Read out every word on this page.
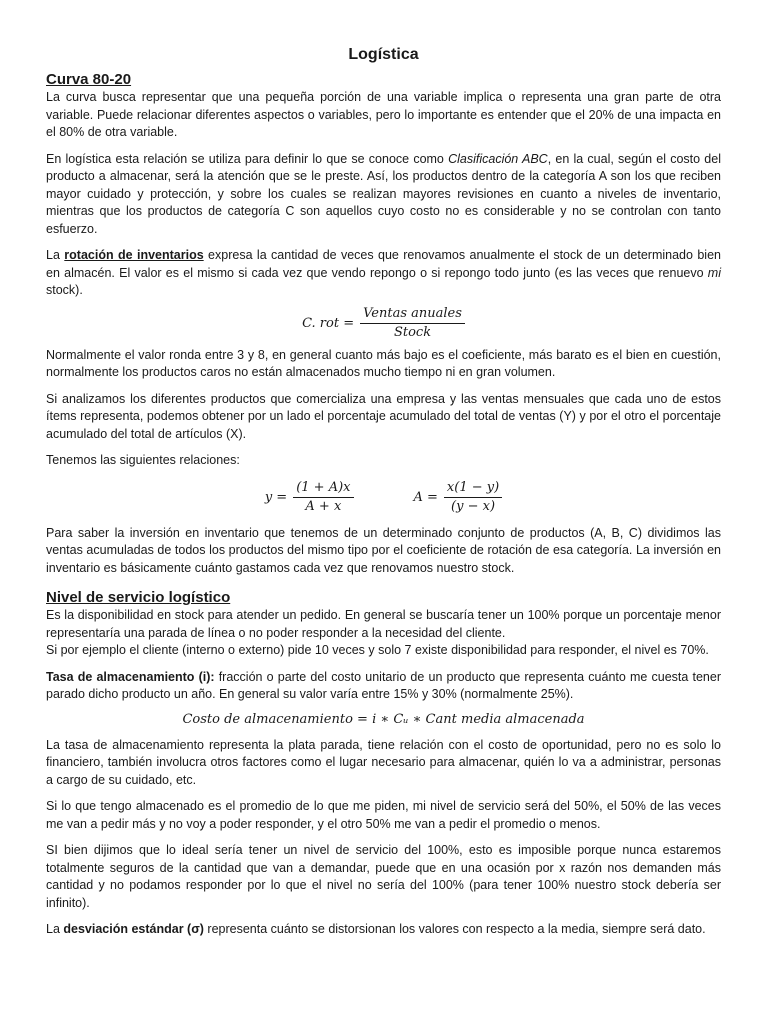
Logística
Curva 80-20

La curva busca representar que una pequeña porción de una variable implica o representa una gran parte de otra variable. Puede relacionar diferentes aspectos o variables, pero lo importante es entender que el 20% de una impacta en el 80% de otra variable.

En logística esta relación se utiliza para definir lo que se conoce como Clasificación ABC, en la cual, según el costo del producto a almacenar, será la atención que se le preste. Así, los productos dentro de la categoría A son los que reciben mayor cuidado y protección, y sobre los cuales se realizan mayores revisiones en cuanto a niveles de inventario, mientras que los productos de categoría C son aquellos cuyo costo no es considerable y no se controlan con tanto esfuerzo.

La rotación de inventarios expresa la cantidad de veces que renovamos anualmente el stock de un determinado bien en almacén. El valor es el mismo si cada vez que vendo repongo o si repongo todo junto (es las veces que renuevo mi stock).

C. rot = $\frac{\text{Ventas anuales}}{\text{Stock}}$

Normalmente el valor ronda entre 3 y 8, en general cuanto más bajo es el coeficiente, más barato es el bien en cuestión, normalmente los productos caros no están almacenados mucho tiempo ni en gran volumen.

Si analizamos los diferentes productos que comercializa una empresa y las ventas mensuales que cada uno de estos ítems representa, podemos obtener por un lado el porcentaje acumulado del total de ventas (Y) y por el otro el porcentaje acumulado del total de artículos (X).

Tenemos las siguientes relaciones:

$y = \frac{(1 + A)x}{A + x}$	$A = \frac{x(1 - y)}{(y - x)}$

Para saber la inversión en inventario que tenemos de un determinado conjunto de productos (A, B, C) dividimos las ventas acumuladas de todos los productos del mismo tipo por el coeficiente de rotación de esa categoría. La inversión en inventario es básicamente cuánto gastamos cada vez que renovamos nuestro stock.

Nivel de servicio logístico

Es la disponibilidad en stock para atender un pedido. En general se buscaría tener un 100% porque un porcentaje menor representaría una parada de línea o no poder responder a la necesidad del cliente.

Si por ejemplo el cliente (interno o externo) pide 10 veces y solo 7 existe disponibilidad para responder, el nivel es 70%.

Tasa de almacenamiento (i): fracción o parte del costo unitario de un producto que representa cuánto me cuesta tener parado dicho producto un año. En general su valor varía entre 15% y 30% (normalmente 25%).

Costo de almacenamiento = i ∗ Cᵤ ∗ Cant media almacenada

La tasa de almacenamiento representa la plata parada, tiene relación con el costo de oportunidad, pero no es solo lo financiero, también involucra otros factores como el lugar necesario para almacenar, quién lo va a administrar, personas a cargo de su cuidado, etc.

Si lo que tengo almacenado es el promedio de lo que me piden, mi nivel de servicio será del 50%, el 50% de las veces me van a pedir más y no voy a poder responder, y el otro 50% me van a pedir el promedio o menos.

SI bien dijimos que lo ideal sería tener un nivel de servicio del 100%, esto es imposible porque nunca estaremos totalmente seguros de la cantidad que van a demandar, puede que en una ocasión por x razón nos demanden más cantidad y no podamos responder por lo que el nivel no sería del 100% (para tener 100% nuestro stock debería ser infinito).

La desviación estándar (σ) representa cuánto se distorsionan los valores con respecto a la media, siempre será dato.
